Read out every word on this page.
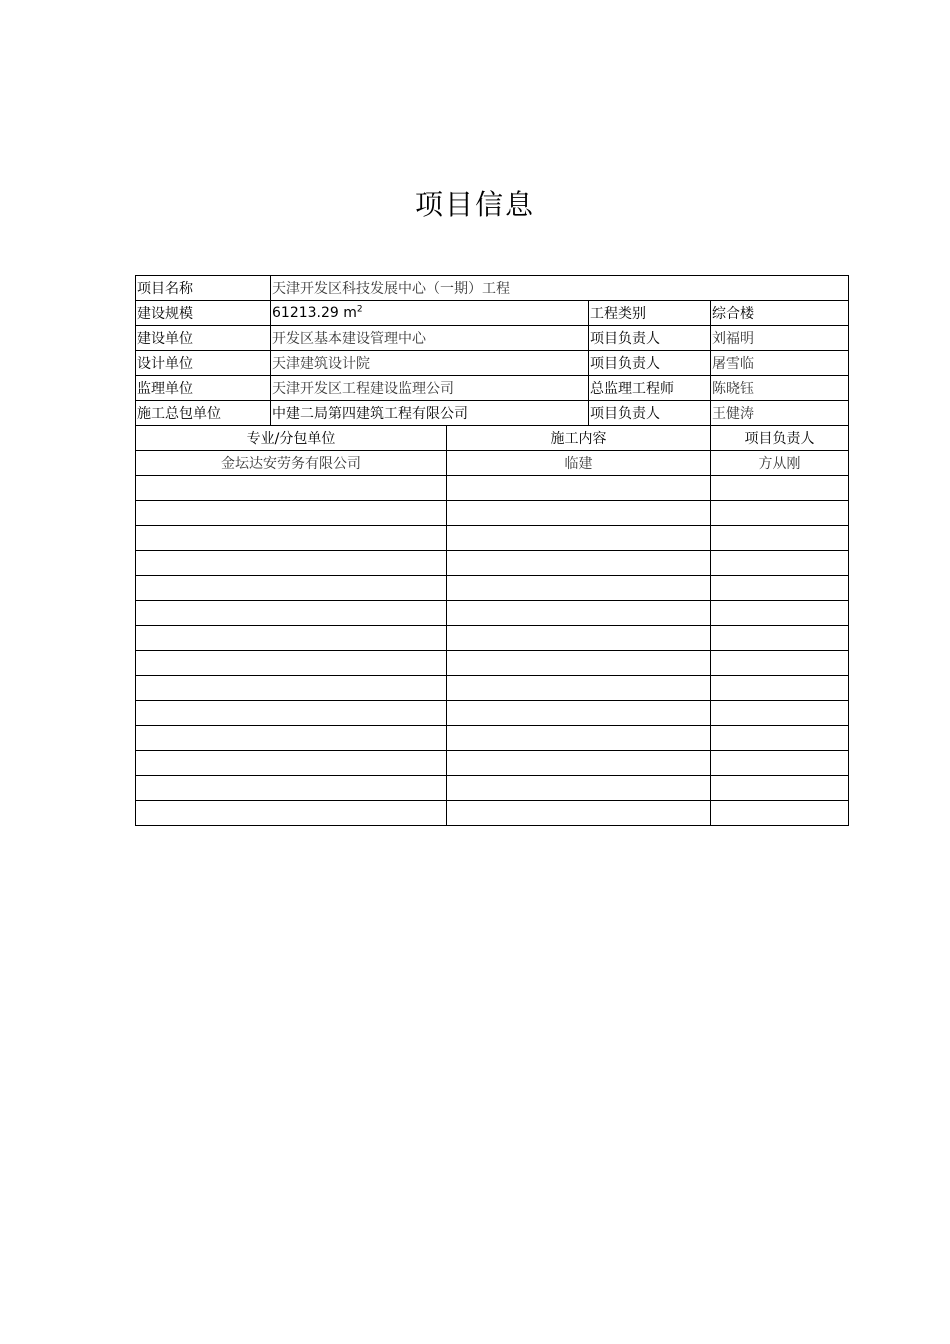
项目信息
项目名称	天津开发区科技发展中心（一期）工程			
建设规模	61213.29 $m^2$		工程类别	综合楼
建设单位	开发区基本建设管理中心		项目负责人	刘福明
设计单位	天津建筑设计院		项目负责人	屠雪临
监理单位	天津开发区工程建设监理公司		总监理工程师	陈晓钰
施工总包单位	中建二局第四建筑工程有限公司		项目负责人	王健涛
专业/分包单位		施工内容		项目负责人
金坛达安劳务有限公司		临建		方从刚
